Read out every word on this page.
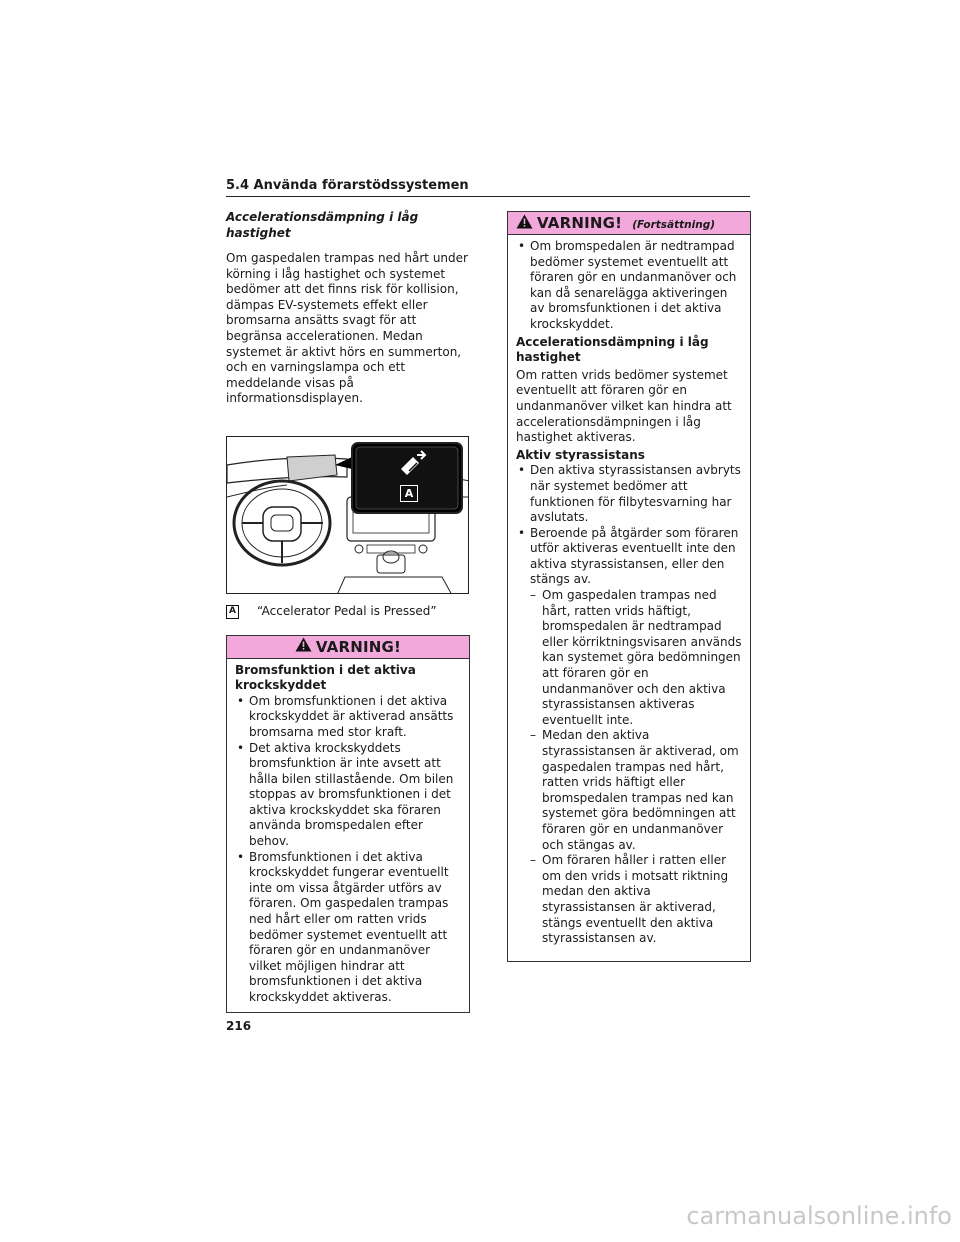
5.4 Använda förarstödssystemen
Accelerationsdämpning i låg hastighet

Om gaspedalen trampas ned hårt under körning i låg hastighet och systemet bedömer att det finns risk för kollision, dämpas EV-systemets effekt eller bromsarna ansätts svagt för att begränsa accelerationen. Medan systemet är aktivt hörs en summerton, och en varningslampa och ett meddelande visas på informationsdisplayen.

A
A “Accelerator Pedal is Pressed”
VARNING!
Bromsfunktion i det aktiva krockskyddet
• Om bromsfunktionen i det aktiva krockskyddet är aktiverad ansätts bromsarna med stor kraft.
• Det aktiva krockskyddets bromsfunktion är inte avsett att hålla bilen stillastående. Om bilen stoppas av bromsfunktionen i det aktiva krockskyddet ska föraren använda bromspedalen efter behov.
• Bromsfunktionen i det aktiva krockskyddet fungerar eventuellt inte om vissa åtgärder utförs av föraren. Om gaspedalen trampas ned hårt eller om ratten vrids bedömer systemet eventuellt att föraren gör en undanmanöver vilket möjligen hindrar att bromsfunktionen i det aktiva krockskyddet aktiveras.
VARNING! (Fortsättning)
• Om bromspedalen är nedtrampad bedömer systemet eventuellt att föraren gör en undanmanöver och kan då senarelägga aktiveringen av bromsfunktionen i det aktiva krockskyddet.
Accelerationsdämpning i låg hastighet
Om ratten vrids bedömer systemet eventuellt att föraren gör en undanmanöver vilket kan hindra att accelerationsdämpningen i låg hastighet aktiveras.
Aktiv styrassistans
• Den aktiva styrassistansen avbryts när systemet bedömer att funktionen för filbytesvarning har avslutats.
• Beroende på åtgärder som föraren utför aktiveras eventuellt inte den aktiva styrassistansen, eller den stängs av.
– Om gaspedalen trampas ned hårt, ratten vrids häftigt, bromspedalen är nedtrampad eller körriktningsvisaren används kan systemet göra bedömningen att föraren gör en undanmanöver och den aktiva styrassistansen aktiveras eventuellt inte.
– Medan den aktiva styrassistansen är aktiverad, om gaspedalen trampas ned hårt, ratten vrids häftigt eller bromspedalen trampas ned kan systemet göra bedömningen att föraren gör en undanmanöver och stängas av.
– Om föraren håller i ratten eller om den vrids i motsatt riktning medan den aktiva styrassistansen är aktiverad, stängs eventuellt den aktiva styrassistansen av.
216
carmanualsonline.info
